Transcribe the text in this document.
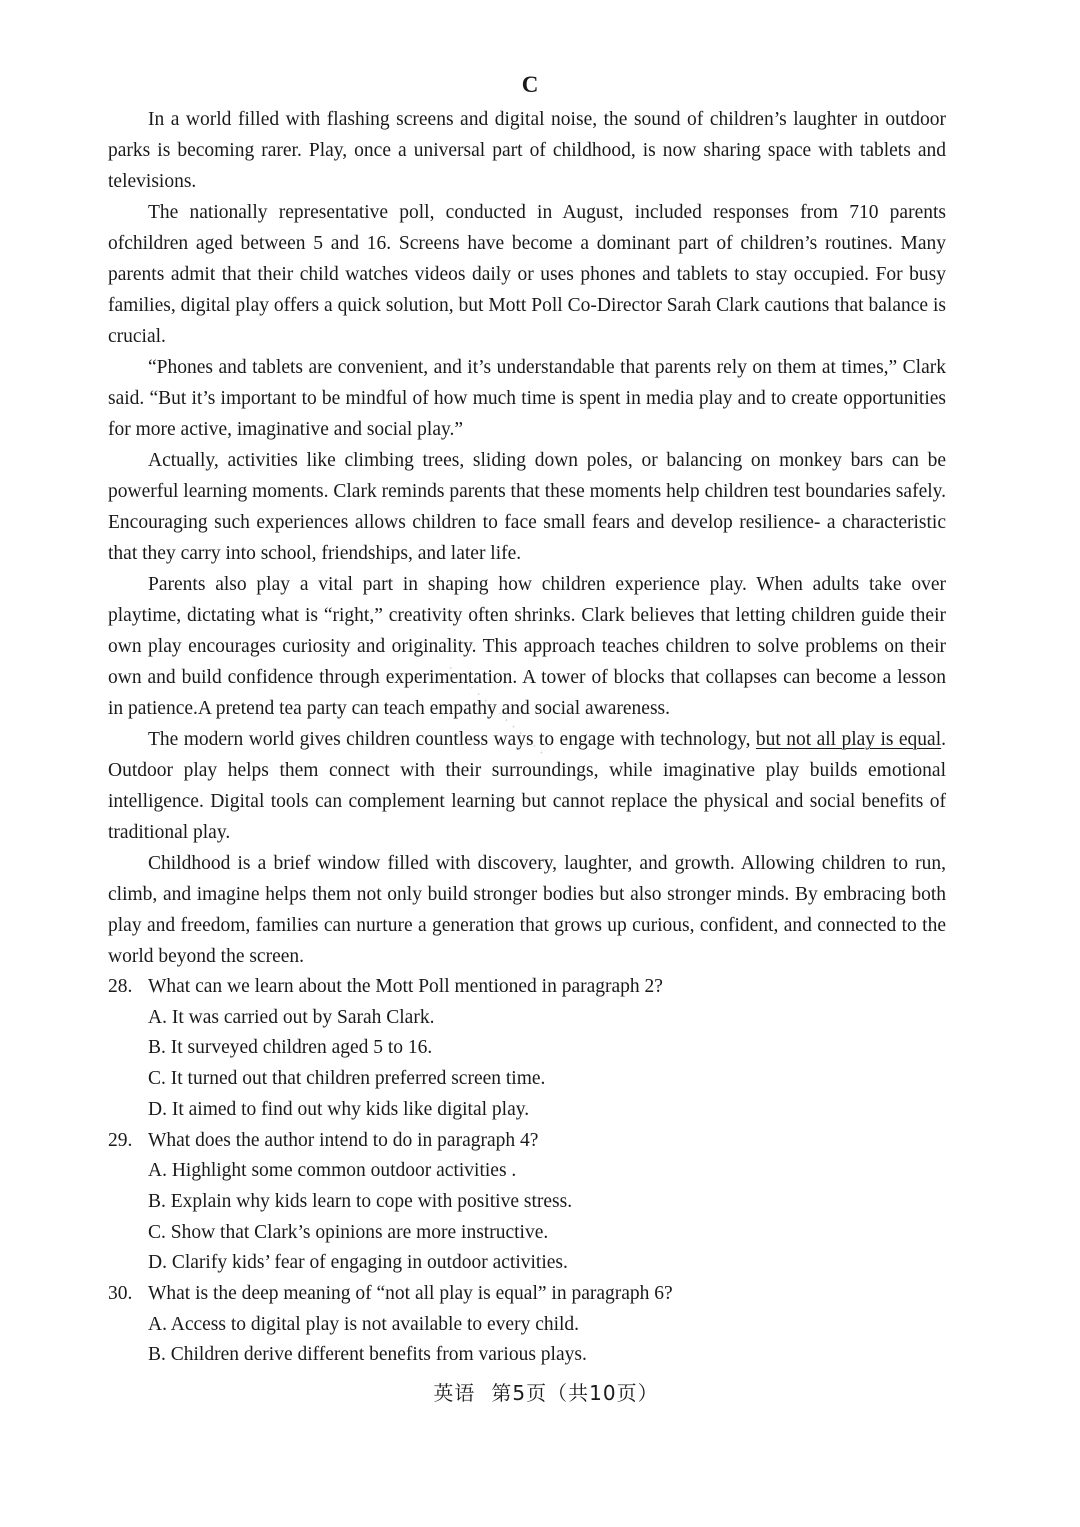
C

In a world filled with flashing screens and digital noise, the sound of children’s laughter in outdoor parks is becoming rarer. Play, once a universal part of childhood, is now sharing space with tablets and televisions.

The nationally representative poll, conducted in August, included responses from 710 parents ofchildren aged between 5 and 16. Screens have become a dominant part of children’s routines. Many parents admit that their child watches videos daily or uses phones and tablets to stay occupied. For busy families, digital play offers a quick solution, but Mott Poll Co-Director Sarah Clark cautions that balance is crucial.

“Phones and tablets are convenient, and it’s understandable that parents rely on them at times,” Clark said. “But it’s important to be mindful of how much time is spent in media play and to create opportunities for more active, imaginative and social play.”

Actually, activities like climbing trees, sliding down poles, or balancing on monkey bars can be powerful learning moments. Clark reminds parents that these moments help children test boundaries safely. Encouraging such experiences allows children to face small fears and develop resilience- a characteristic that they carry into school, friendships, and later life.

Parents also play a vital part in shaping how children experience play. When adults take over playtime, dictating what is “right,” creativity often shrinks. Clark believes that letting children guide their own play encourages curiosity and originality. This approach teaches children to solve problems on their own and build confidence through experimentation. A tower of blocks that collapses can become a lesson in patience.A pretend tea party can teach empathy and social awareness.

The modern world gives children countless ways to engage with technology, but not all play is equal. Outdoor play helps them connect with their surroundings, while imaginative play builds emotional intelligence. Digital tools can complement learning but cannot replace the physical and social benefits of traditional play.

Childhood is a brief window filled with discovery, laughter, and growth. Allowing children to run, climb, and imagine helps them not only build stronger bodies but also stronger minds. By embracing both play and freedom, families can nurture a generation that grows up curious, confident, and connected to the world beyond the screen.

28. What can we learn about the Mott Poll mentioned in paragraph 2?

A. It was carried out by Sarah Clark.

B. It surveyed children aged 5 to 16.

C. It turned out that children preferred screen time.

D. It aimed to find out why kids like digital play.

29. What does the author intend to do in paragraph 4?

A. Highlight some common outdoor activities .

B. Explain why kids learn to cope with positive stress.

C. Show that Clark’s opinions are more instructive.

D. Clarify kids’ fear of engaging in outdoor activities.

30. What is the deep meaning of “not all play is equal” in paragraph 6?

A. Access to digital play is not available to every child.

B. Children derive different benefits from various plays.

· · · · · · · · · · · · · ·
英语 第5页（共10页）
